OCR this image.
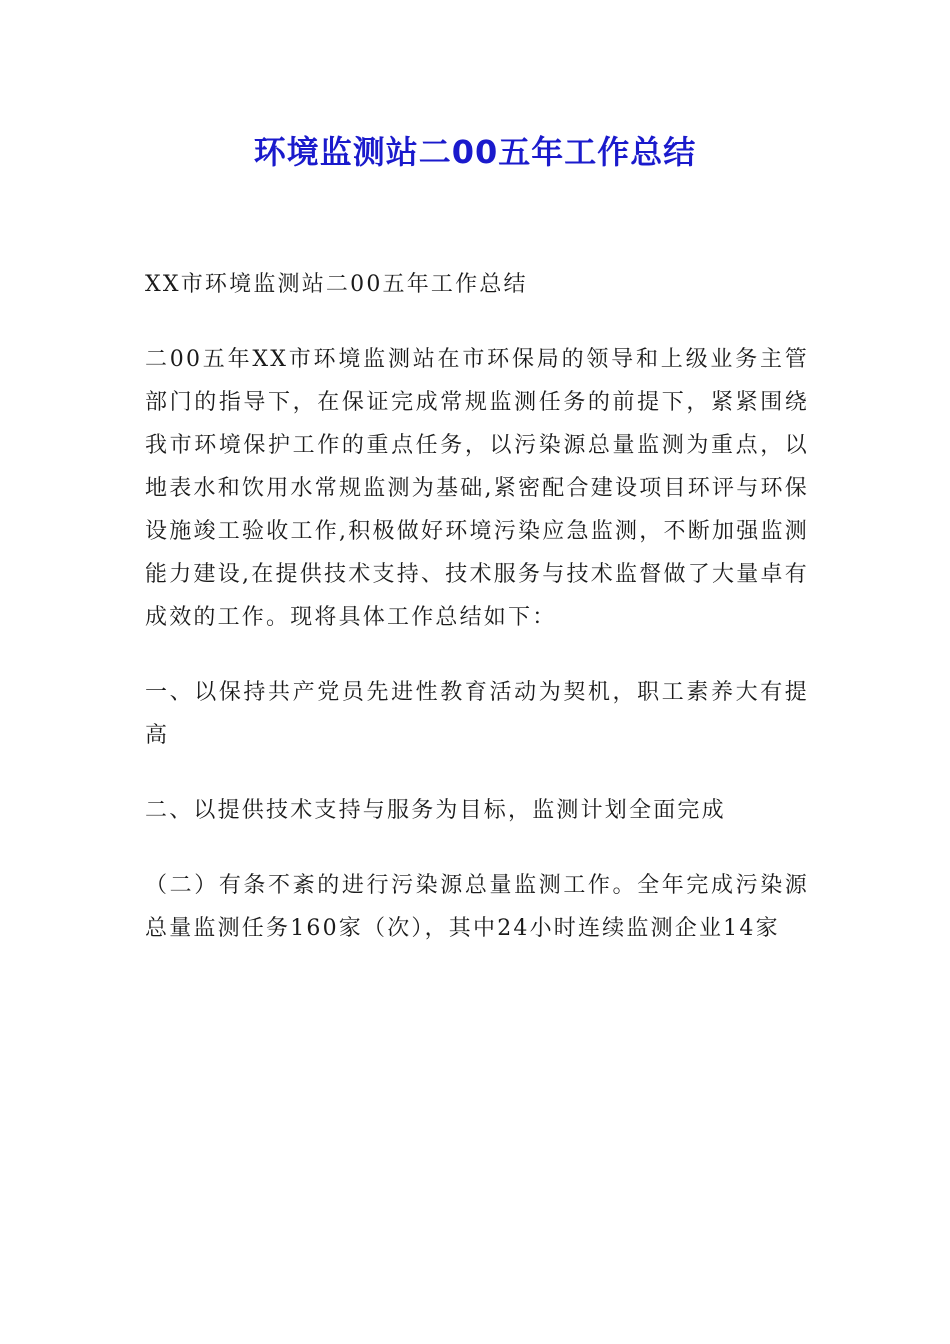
环境监测站二00五年工作总结

XX市环境监测站二00五年工作总结

二00五年XX市环境监测站在市环保局的领导和上级业务主管部门的指导下，在保证完成常规监测任务的前提下，紧紧围绕我市环境保护工作的重点任务，以污染源总量监测为重点，以地表水和饮用水常规监测为基础,紧密配合建设项目环评与环保设施竣工验收工作,积极做好环境污染应急监测，不断加强监测能力建设,在提供技术支持、技术服务与技术监督做了大量卓有成效的工作。现将具体工作总结如下：

一、以保持共产党员先进性教育活动为契机，职工素养大有提高

二、以提供技术支持与服务为目标，监测计划全面完成

（二）有条不紊的进行污染源总量监测工作。全年完成污染源总量监测任务160家（次），其中24小时连续监测企业14家
